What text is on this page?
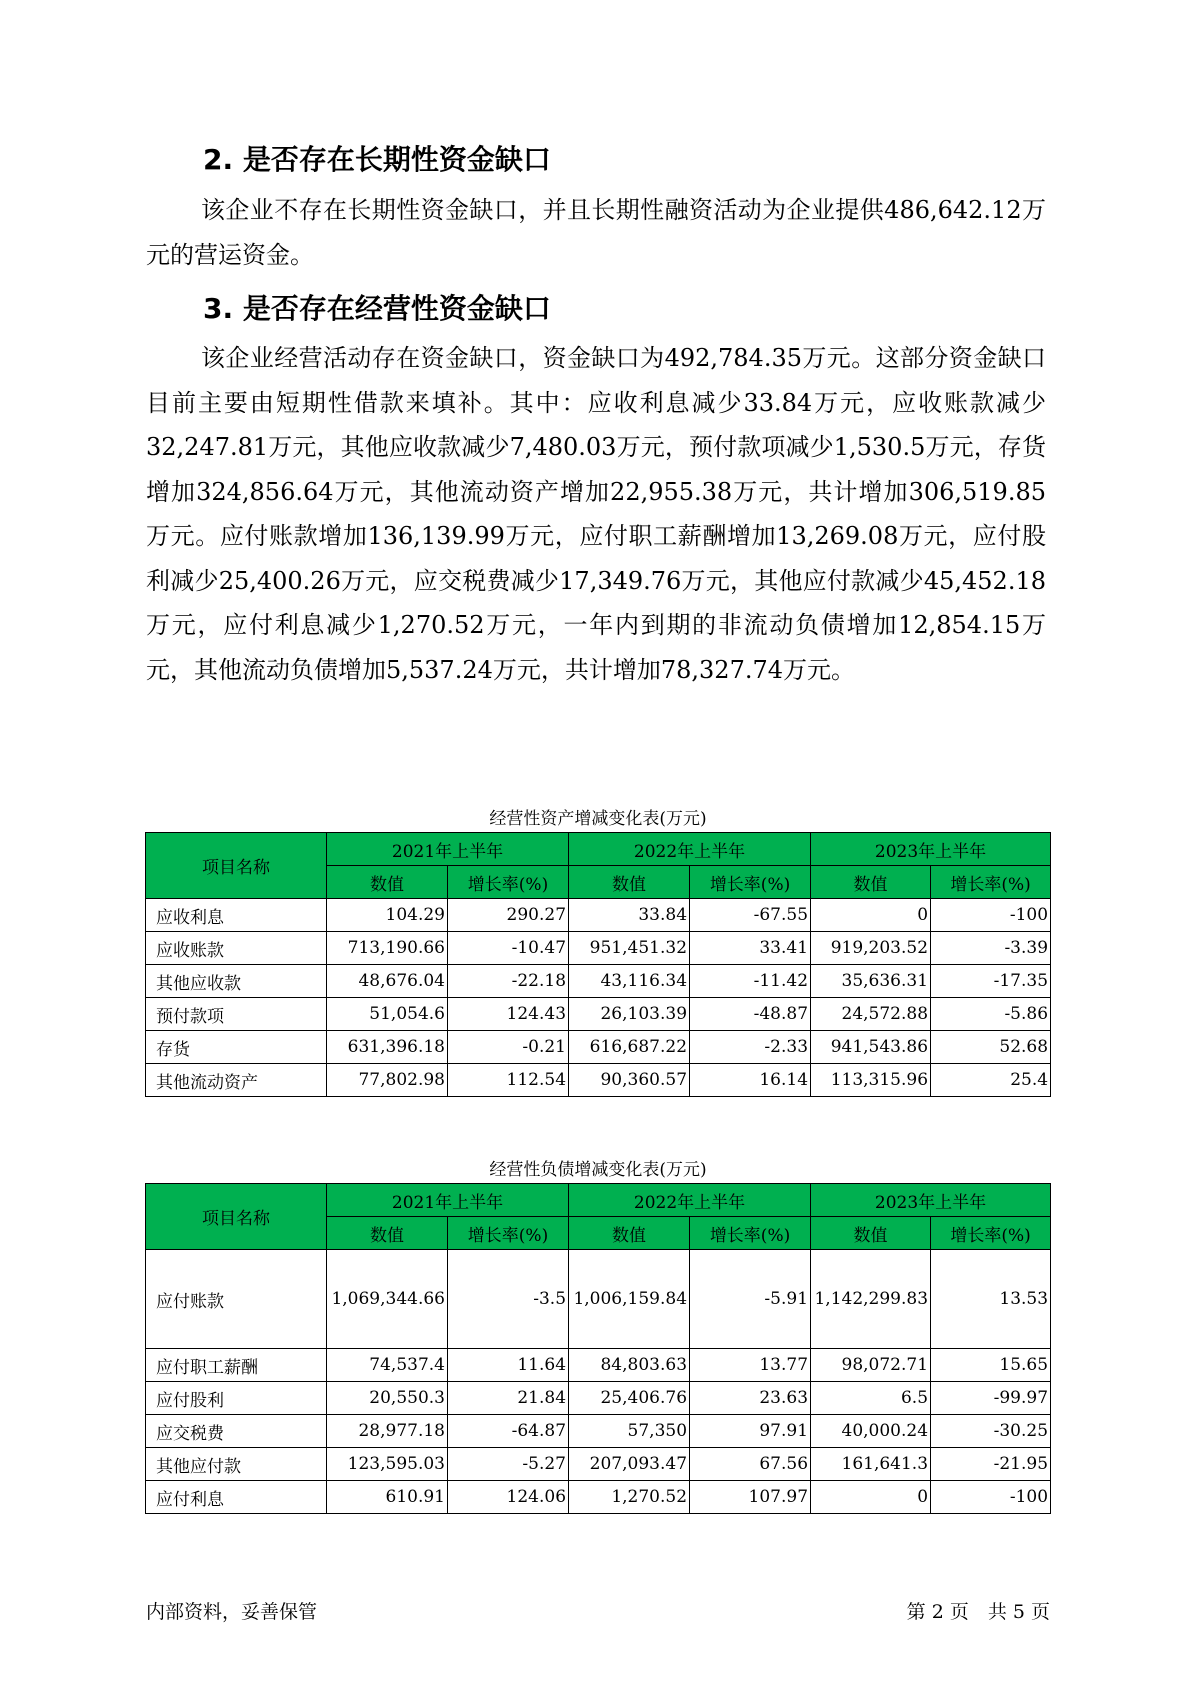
2. 是否存在长期性资金缺口

该企业不存在长期性资金缺口，并且长期性融资活动为企业提供486,642.12万元的营运资金。

3. 是否存在经营性资金缺口

该企业经营活动存在资金缺口，资金缺口为492,784.35万元。这部分资金缺口目前主要由短期性借款来填补。其中：应收利息减少33.84万元，应收账款减少32,247.81万元，其他应收款减少7,480.03万元，预付款项减少1,530.5万元，存货增加324,856.64万元，其他流动资产增加22,955.38万元，共计增加306,519.85万元。应付账款增加136,139.99万元，应付职工薪酬增加13,269.08万元，应付股利减少25,400.26万元，应交税费减少17,349.76万元，其他应付款减少45,452.18万元，应付利息减少1,270.52万元，一年内到期的非流动负债增加12,854.15万元，其他流动负债增加5,537.24万元，共计增加78,327.74万元。

经营性资产增减变化表(万元)
项目名称	2021年上半年		2022年上半年		2023年上半年	
	数值	增长率(%)	数值	增长率(%)	数值	增长率(%)
应收利息	104.29	290.27	33.84	-67.55	0	-100
应收账款	713,190.66	-10.47	951,451.32	33.41	919,203.52	-3.39
其他应收款	48,676.04	-22.18	43,116.34	-11.42	35,636.31	-17.35
预付款项	51,054.6	124.43	26,103.39	-48.87	24,572.88	-5.86
存货	631,396.18	-0.21	616,687.22	-2.33	941,543.86	52.68
其他流动资产	77,802.98	112.54	90,360.57	16.14	113,315.96	25.4
经营性负债增减变化表(万元)
项目名称	2021年上半年		2022年上半年		2023年上半年	
	数值	增长率(%)	数值	增长率(%)	数值	增长率(%)
应付账款	1,069,344.66	-3.5	1,006,159.84	-5.91	1,142,299.83	13.53
应付职工薪酬	74,537.4	11.64	84,803.63	13.77	98,072.71	15.65
应付股利	20,550.3	21.84	25,406.76	23.63	6.5	-99.97
应交税费	28,977.18	-64.87	57,350	97.91	40,000.24	-30.25
其他应付款	123,595.03	-5.27	207,093.47	67.56	161,641.3	-21.95
应付利息	610.91	124.06	1,270.52	107.97	0	-100
内部资料，妥善保管	第 2 页　共 5 页
